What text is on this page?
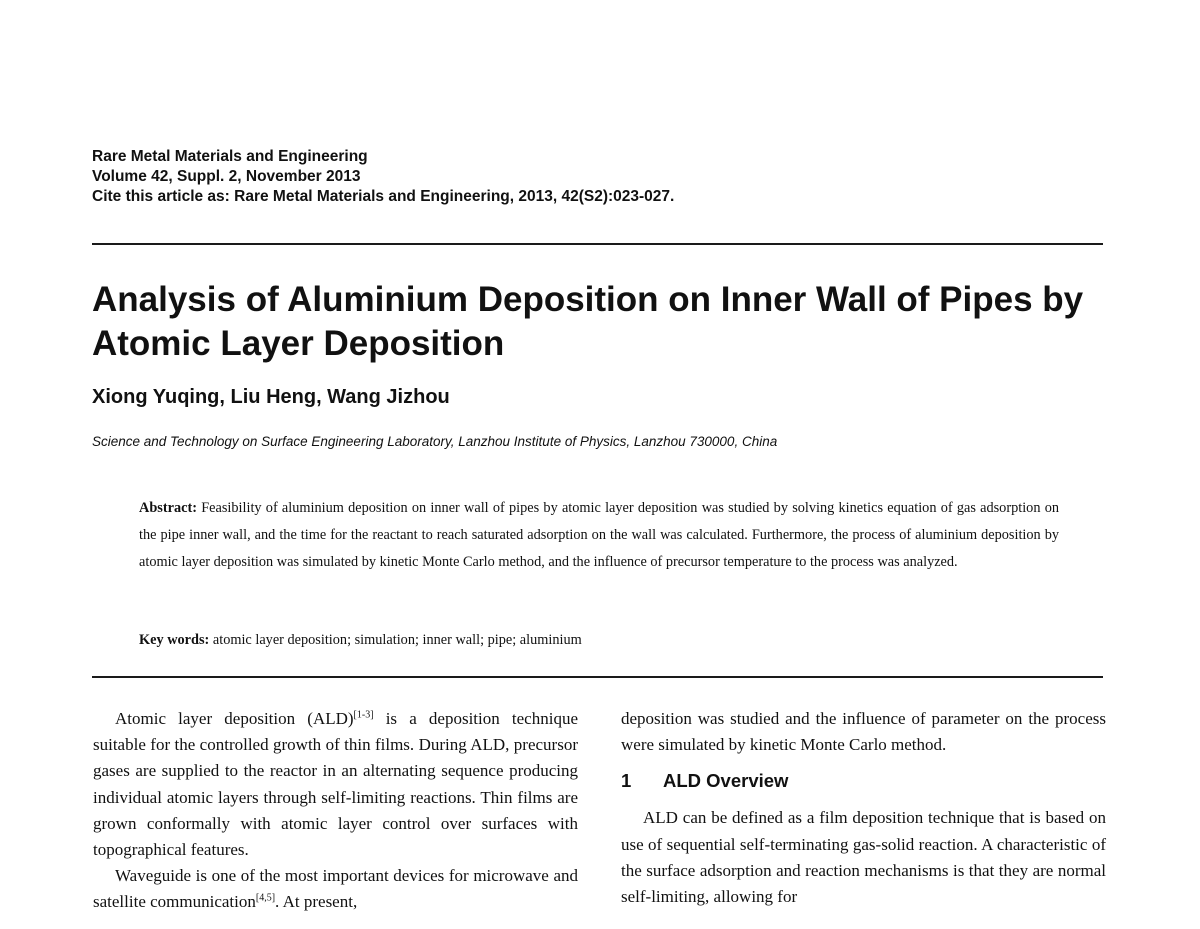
Rare Metal Materials and Engineering
Volume 42, Suppl. 2, November 2013
Cite this article as: Rare Metal Materials and Engineering, 2013, 42(S2):023-027.
Analysis of Aluminium Deposition on Inner Wall of Pipes by Atomic Layer Deposition
Xiong Yuqing, Liu Heng, Wang Jizhou
Science and Technology on Surface Engineering Laboratory, Lanzhou Institute of Physics, Lanzhou 730000, China
Abstract: Feasibility of aluminium deposition on inner wall of pipes by atomic layer deposition was studied by solving kinetics equation of gas adsorption on the pipe inner wall, and the time for the reactant to reach saturated adsorption on the wall was calculated. Furthermore, the process of aluminium deposition by atomic layer deposition was simulated by kinetic Monte Carlo method, and the influence of precursor temperature to the process was analyzed.
Key words: atomic layer deposition; simulation; inner wall; pipe; aluminium

Atomic layer deposition (ALD)[1-3] is a deposition technique suitable for the controlled growth of thin films. During ALD, precursor gases are supplied to the reactor in an alternating sequence producing individual atomic layers through self-limiting reactions. Thin films are grown conformally with atomic layer control over surfaces with topographical features.

Waveguide is one of the most important devices for microwave and satellite communication[4,5]. At present,

deposition was studied and the influence of parameter on the process were simulated by kinetic Monte Carlo method.

1 ALD Overview

ALD can be defined as a film deposition technique that is based on use of sequential self-terminating gas-solid reaction. A characteristic of the surface adsorption and reaction mechanisms is that they are normal self-limiting, allowing for
